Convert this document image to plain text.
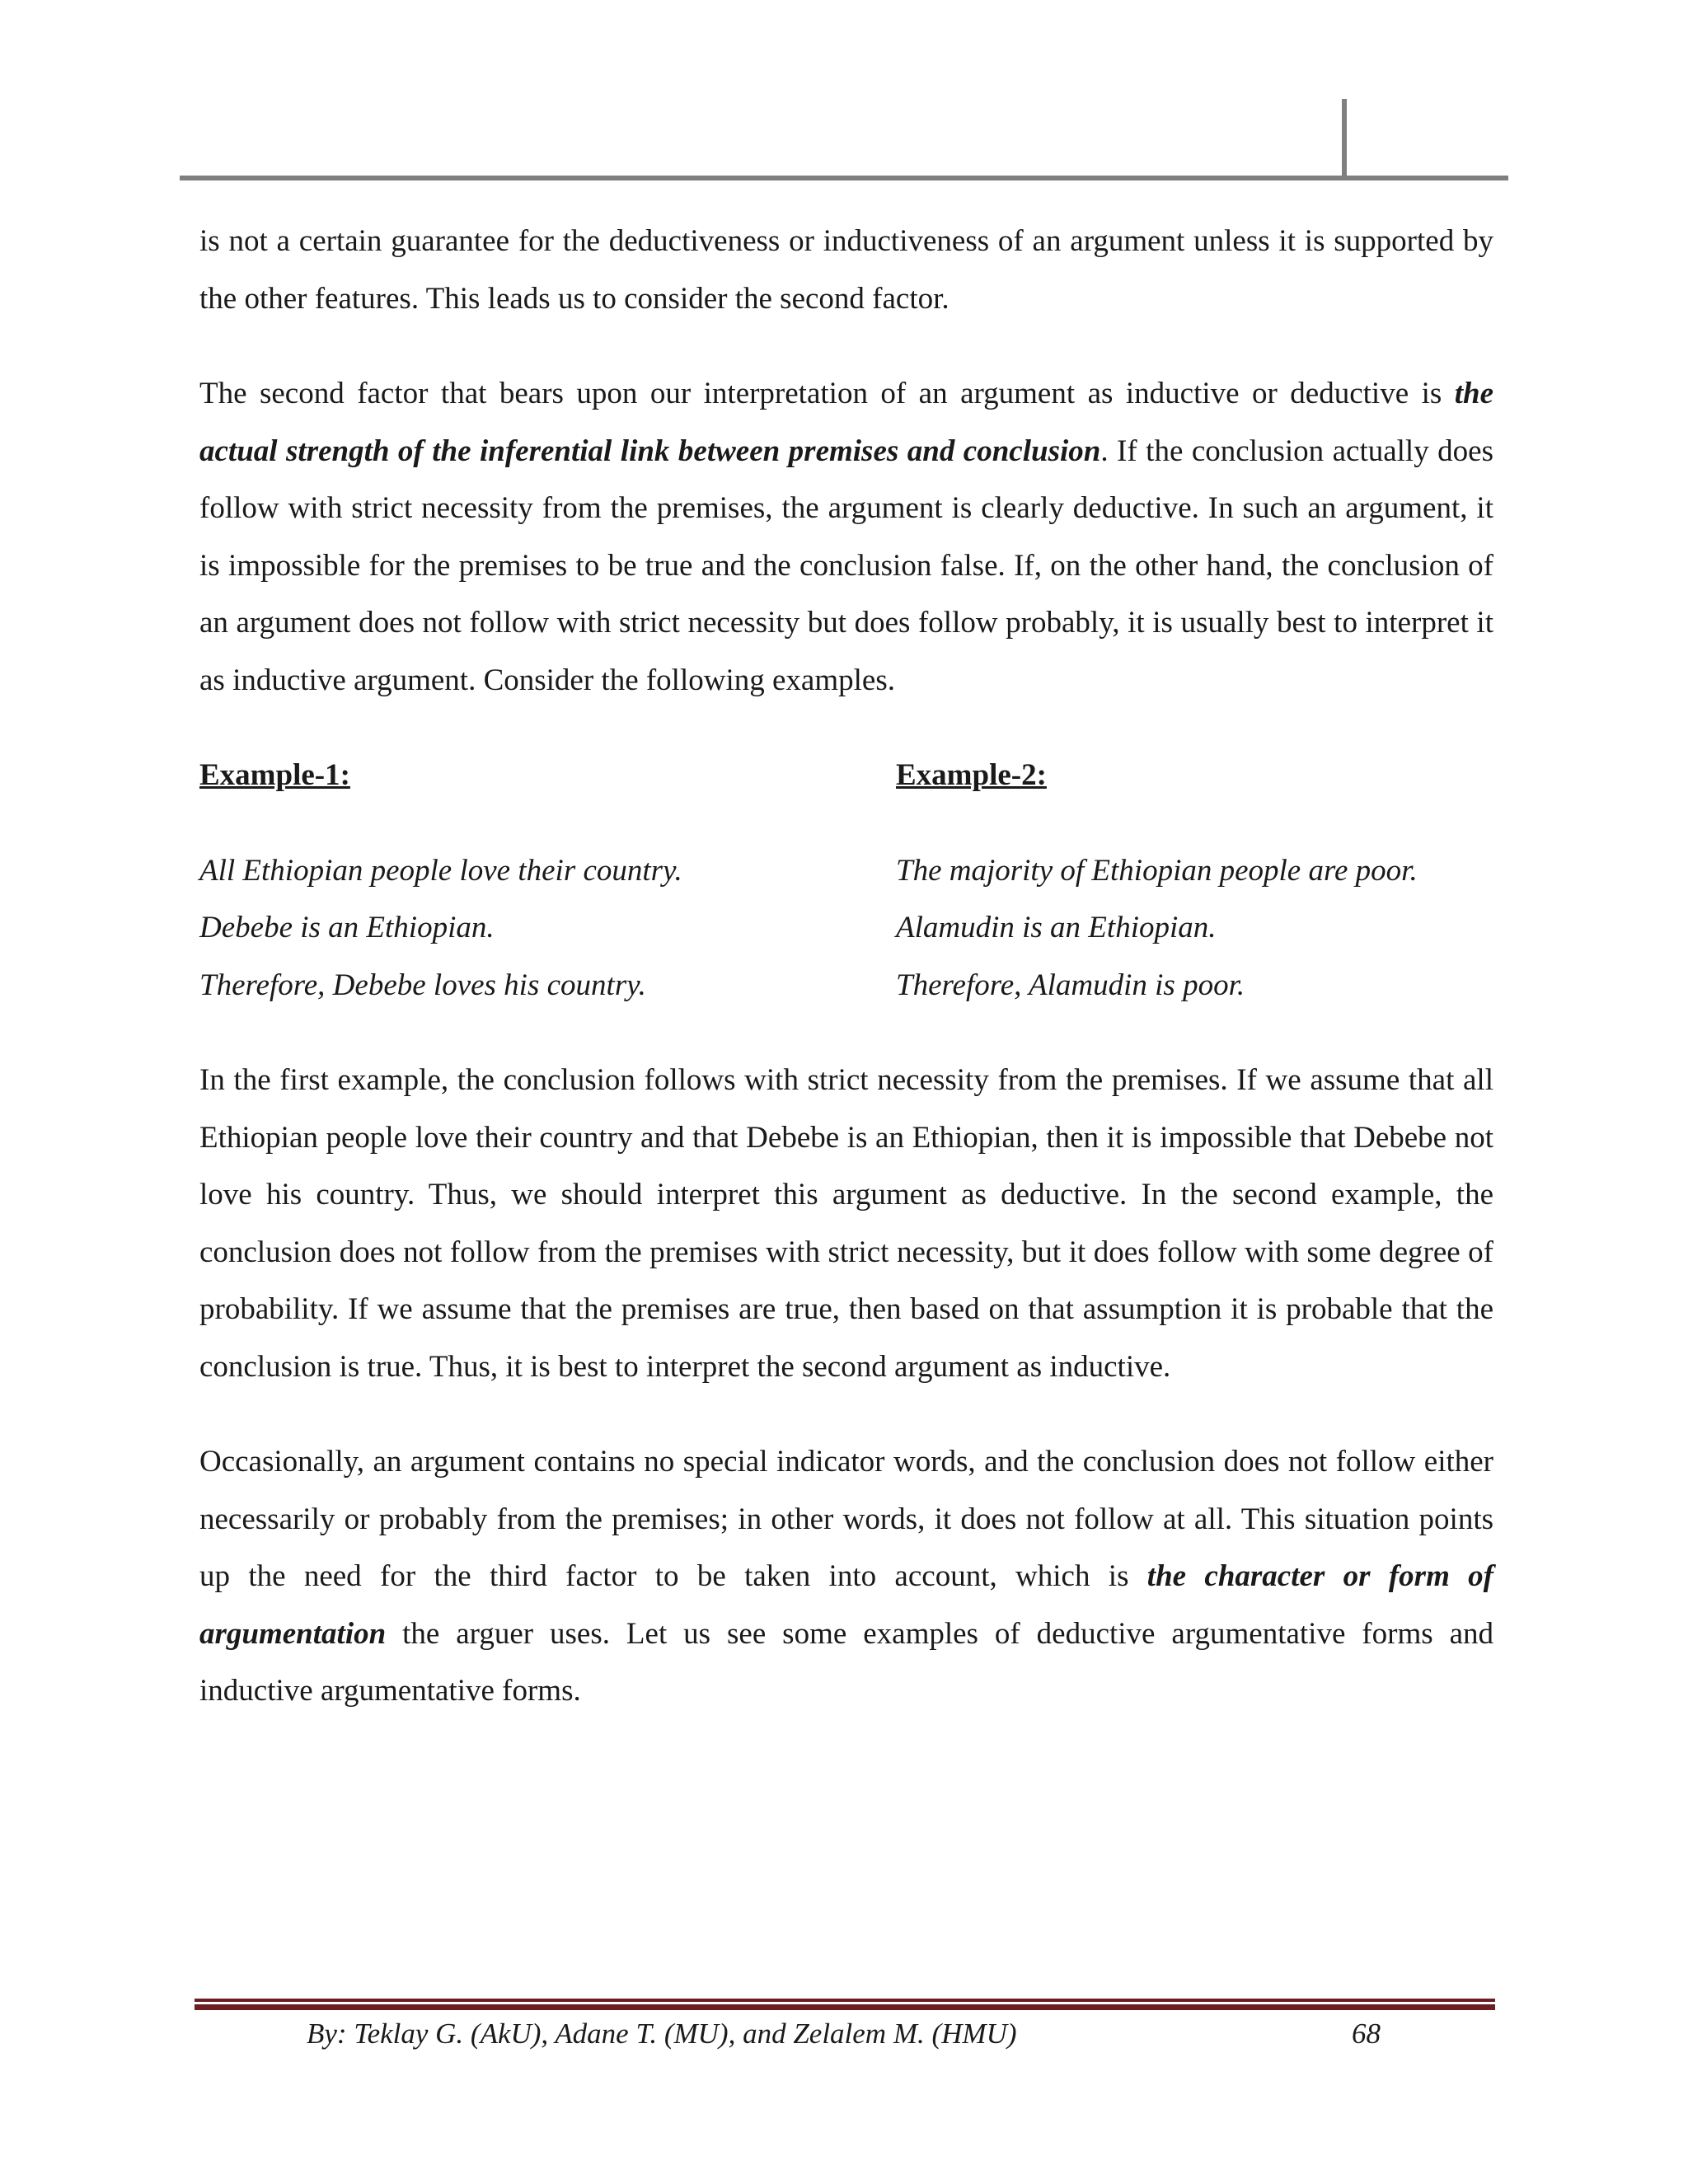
is not a certain guarantee for the deductiveness or inductiveness of an argument unless it is supported by the other features. This leads us to consider the second factor.

The second factor that bears upon our interpretation of an argument as inductive or deductive is the actual strength of the inferential link between premises and conclusion. If the conclusion actually does follow with strict necessity from the premises, the argument is clearly deductive. In such an argument, it is impossible for the premises to be true and the conclusion false. If, on the other hand, the conclusion of an argument does not follow with strict necessity but does follow probably, it is usually best to interpret it as inductive argument. Consider the following examples.

Example-1:

All Ethiopian people love their country.

Debebe is an Ethiopian.

Therefore, Debebe loves his country.

Example-2:

The majority of Ethiopian people are poor.

Alamudin is an Ethiopian.

Therefore, Alamudin is poor.

In the first example, the conclusion follows with strict necessity from the premises. If we assume that all Ethiopian people love their country and that Debebe is an Ethiopian, then it is impossible that Debebe not love his country. Thus, we should interpret this argument as deductive. In the second example, the conclusion does not follow from the premises with strict necessity, but it does follow with some degree of probability. If we assume that the premises are true, then based on that assumption it is probable that the conclusion is true. Thus, it is best to interpret the second argument as inductive.

Occasionally, an argument contains no special indicator words, and the conclusion does not follow either necessarily or probably from the premises; in other words, it does not follow at all. This situation points up the need for the third factor to be taken into account, which is the character or form of argumentation the arguer uses. Let us see some examples of deductive argumentative forms and inductive argumentative forms.

By: Teklay G. (AkU), Adane T. (MU), and Zelalem M. (HMU)	68
